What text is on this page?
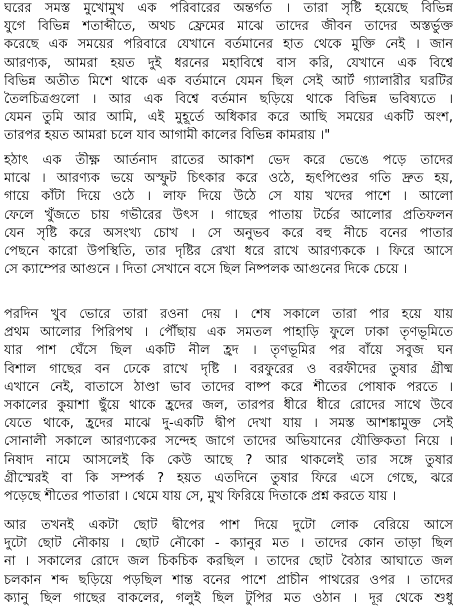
ঘরের সমস্ত মুখোমুখ এক পরিবারের অন্তর্গত । তারা সৃষ্টি হয়েছে বিভিন্ন
যুগে বিভিন্ন শতাব্দীতে, অথচ ফ্রেমের মাঝে তাদের জীবন তাদের অস্তর্ভুক্ত
করেছে এক সময়ের পরিবারে যেখানে বর্তমানের হাত থেকে মুক্তি নেই । জান
আরণ্যক, আমরা হয়ত দুই ধরনের মহাবিশ্বে বাস করি, যেখানে এক বিশ্বে
বিভিন্ন অতীত মিশে থাকে এক বর্তমানে যেমন ছিল সেই আর্ট গ্যালারীর ঘরটির
তৈলচিত্রগুলো । আর এক বিশ্বে বর্তমান ছড়িয়ে থাকে বিভিন্ন ভবিষ্যতে ।
যেমন তুমি আর আমি, এই মুহূর্তে অধিকার করে আছি সময়ের একটি অংশ,
তারপর হয়ত আমরা চলে যাব আগামী কালের বিভিন্ন কামরায় ।"
হঠাৎ এক তীক্ষ্ণ আর্তনাদ রাতের আকাশ ভেদ করে ভেঙে পড়ে তাদের
মাঝে । আরণ্যক ভয়ে অস্ফুট চিৎকার করে ওঠে, হৃৎপিণ্ডের গতি দ্রুত হয়,
গায়ে কাঁটা দিয়ে ওঠে । লাফ দিয়ে উঠে সে যায় খদের পাশে । আলো
ফেলে খুঁজতে চায় গভীরের উৎস । গাছের পাতায় টর্চের আলোর প্রতিফলন
যেন সৃষ্টি করে অসংখ্য চোখ । সে অনুভব করে বহু নীচে বনের পাতার
পেছনে কারো উপস্থিতি, তার দৃষ্টির রেখা ধরে রাখে আরণ্যককে । ফিরে আসে
সে ক্যাম্পের আগুনে । দিতা সেখানে বসে ছিল নিষ্পলক আগুনের দিকে চেয়ে ।
পরদিন খুব ভোরে তারা রওনা দেয় । শেষ সকালে তারা পার হয়ে যায়
প্রথম আলোর পিরিপথ । পৌঁছায় এক সমতল পাহাড়ি ফুলে ঢাকা তৃণভূমিতে
যার পাশ ঘেঁসে ছিল একটি নীল হ্রদ । তৃণভূমির পর বাঁয়ে সবুজ ঘন
বিশাল গাছের বন ঢেকে রাখে দৃষ্টি । বরফুরের ও বরফীদের তুষার গ্রীষ্ম
এখানে নেই, বাতাসে ঠাণ্ডা ভাব তাদের বাষ্প করে শীতের পোষাক পরতে ।
সকালের কুয়াশা ছুঁয়ে থাকে হ্রদের জল, তারপর ধীরে ধীরে রোদের সাথে উবে
যেতে থাকে, হ্রদের মাঝে দু-একটি দ্বীপ দেখা যায় । সমস্ত আশঙ্কামুক্ত সেই
সোনালী সকালে আরণ্যকের সন্দেহ জাগে তাদের অভিযানের যৌক্তিকতা নিয়ে ।
নিষাদ নামে আসলেই কি কেউ আছে ? আর থাকলেই তার সঙ্গে তুষার
গ্রীস্মেরই বা কি সম্পর্ক ? হয়ত এতদিনে তুষার ফিরে এসে গেছে, ঝরে
পড়েছে শীতের পাতারা । থেমে যায় সে, মুখ ফিরিয়ে দিতাকে প্রশ্ন করতে যায় ।
আর তখনই একটা ছোট দ্বীপের পাশ দিয়ে দুটো লোক বেরিয়ে আসে
দুটো ছোট নৌকায় । ছোট নৌকো - ক্যানুর মত । তাদের কোন তাড়া ছিল
না । সকালের রোদে জল চিকচিক করছিল । তাদের ছোট বৈঠার আঘাতে জল
চলকান শব্দ ছড়িয়ে পড়ছিল শান্ত বনের পাশে প্রাচীন পাথরের ওপর । তাদের
ক্যানু ছিল গাছের বাকলের, গলুই ছিল টুপির মত ওঠান । দূর থেকে শুধু
